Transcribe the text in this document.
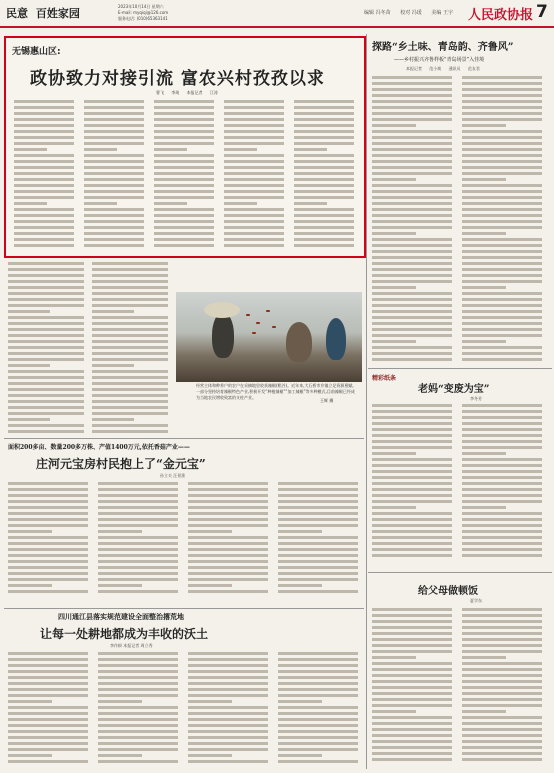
民意 百姓家园
2023年10月14日 星期六
E-mail: myqiqi@126.com
服务电话: (010)65363141
编辑 冯冬苗 校对 冯瑗 美编 王宇	人民政协报 7
无锡惠山区:
政协致力对接引流 富农兴村孜孜以求
曹飞 李琦 本报记者 江涛
探路“乡土味、青岛韵、齐鲁风”
——乡村振兴齐鲁样板“青岛场景”入佳境
本报记者 范小焕 通讯员 范友君
精彩纸条
老妈“变废为宝”
李冬芳
给父母做顿饭
夏学东
经营主体和种养户的农户在采摘地里收获辣椒(稻谷)。近年来,大石桥市乡镇立足资源禀赋,一部分坚持培育辣椒特色产业,积极开发“种植辣椒”“加工辣椒”等多种模式,目前辣椒已经成为当地农民增收致富的支柱产业。
王辉 摄
面积200多亩、数量200多万株、产值1400万元,依托香菇产业——
庄河元宝房村民抱上了“金元宝”
孙立夫 汪景淮
四川通江县落实规范建设全面整治撂荒地
让每一处耕地都成为丰收的沃土
李作帜 本报记者 周立秀
